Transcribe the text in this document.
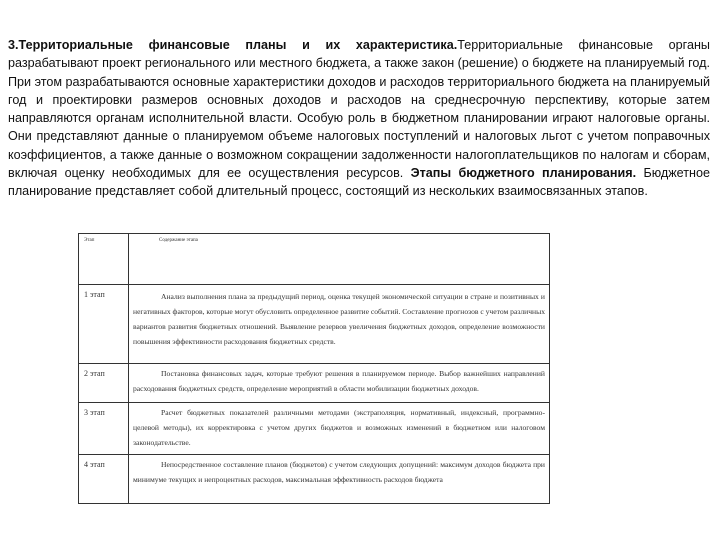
3.Территориальные финансовые планы и их характеристика.Территориальные финансовые органы разрабатывают проект регионального или местного бюджета, а также закон (решение) о бюджете на планируемый год. При этом разрабатываются основные характеристики доходов и расходов территориального бюджета на планируемый год и проектировки размеров основных доходов и расходов на среднесрочную перспективу, которые затем направляются органам исполнительной власти. Особую роль в бюджетном планировании играют налоговые органы. Они представляют данные о планируемом объеме налоговых поступлений и налоговых льгот с учетом поправочных коэффициентов, а также данные о возможном сокращении задолженности налогоплательщиков по налогам и сборам, включая оценку необходимых для ее осуществления ресурсов. Этапы бюджетного планирования. Бюджетное планирование представляет собой длительный процесс, состоящий из нескольких взаимосвязанных этапов.
Этап	Содержание этапа
1 этап	Анализ выполнения плана за предыдущий период, оценка текущей экономической ситуации в стране и позитивных и негативных факторов, которые могут обусловить определенное развитие событий. Составление прогнозов с учетом различных вариантов развития бюджетных отношений. Выявление резервов увеличения бюджетных доходов, определение возможности повышения эффективности расходования бюджетных средств.
2 этап	Постановка финансовых задач, которые требуют решения в планируемом периоде. Выбор важнейших направлений расходования бюджетных средств, определение мероприятий в области мобилизации бюджетных доходов.
3 этап	Расчет бюджетных показателей различными методами (экстраполяция, нормативный, индексный, программно-целевой методы), их корректировка с учетом других бюджетов и возможных изменений в бюджетном или налоговом законодательстве.
4 этап	Непосредственное составление планов (бюджетов) с учетом следующих допущений: максимум доходов бюджета при минимуме текущих и непроцентных расходов, максимальная эффективность расходов бюджета
